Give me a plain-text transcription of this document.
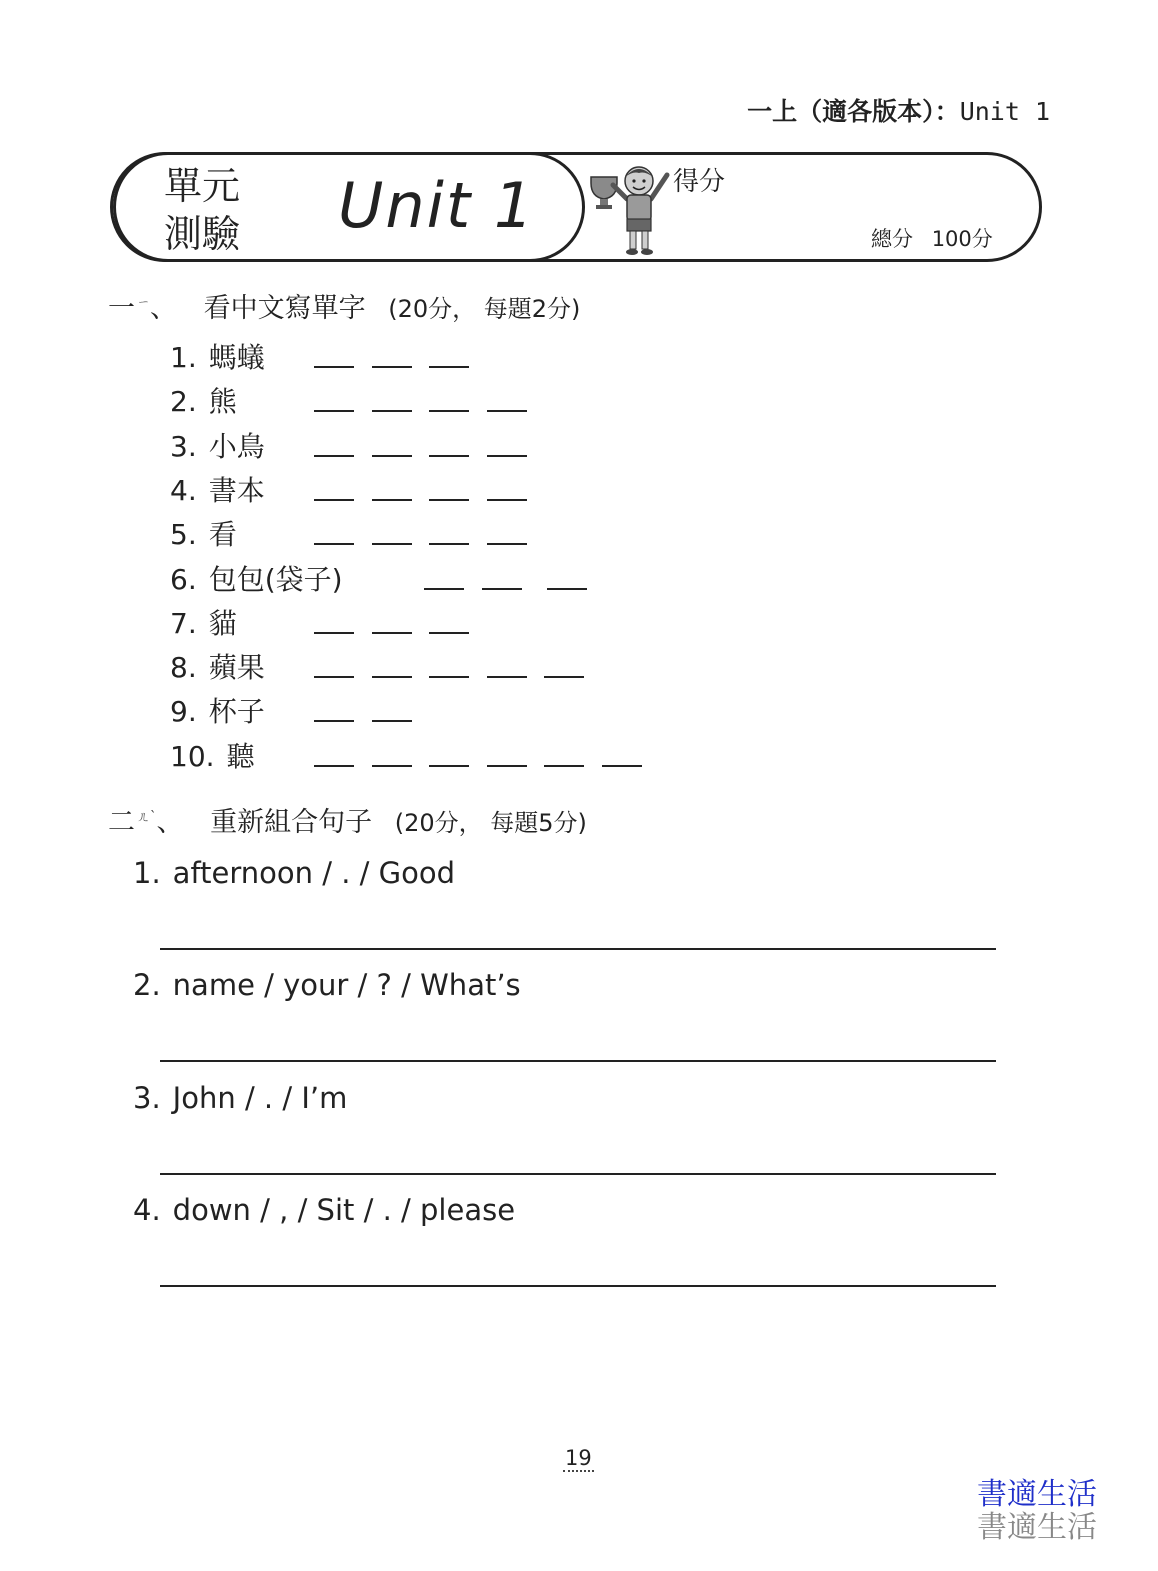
一上（適各版本）：Unit 1
單元
測驗 Unit 1	得分
總分 100分
一 $^ㄧ$、 看中文寫單字 (20分， 每題2分)
1. 螞蟻
2. 熊
3. 小鳥
4. 書本
5. 看
6. 包包(袋子)
7. 貓
8. 蘋果
9. 杯子
10. 聽
二 $^{ㄦˋ}$、 重新組合句子 (20分， 每題5分)
1. afternoon / . / Good
2. name / your / ? / What’s
3. John / . / I’m
4. down / , / Sit / . / please
19
書適生活
書適生活
